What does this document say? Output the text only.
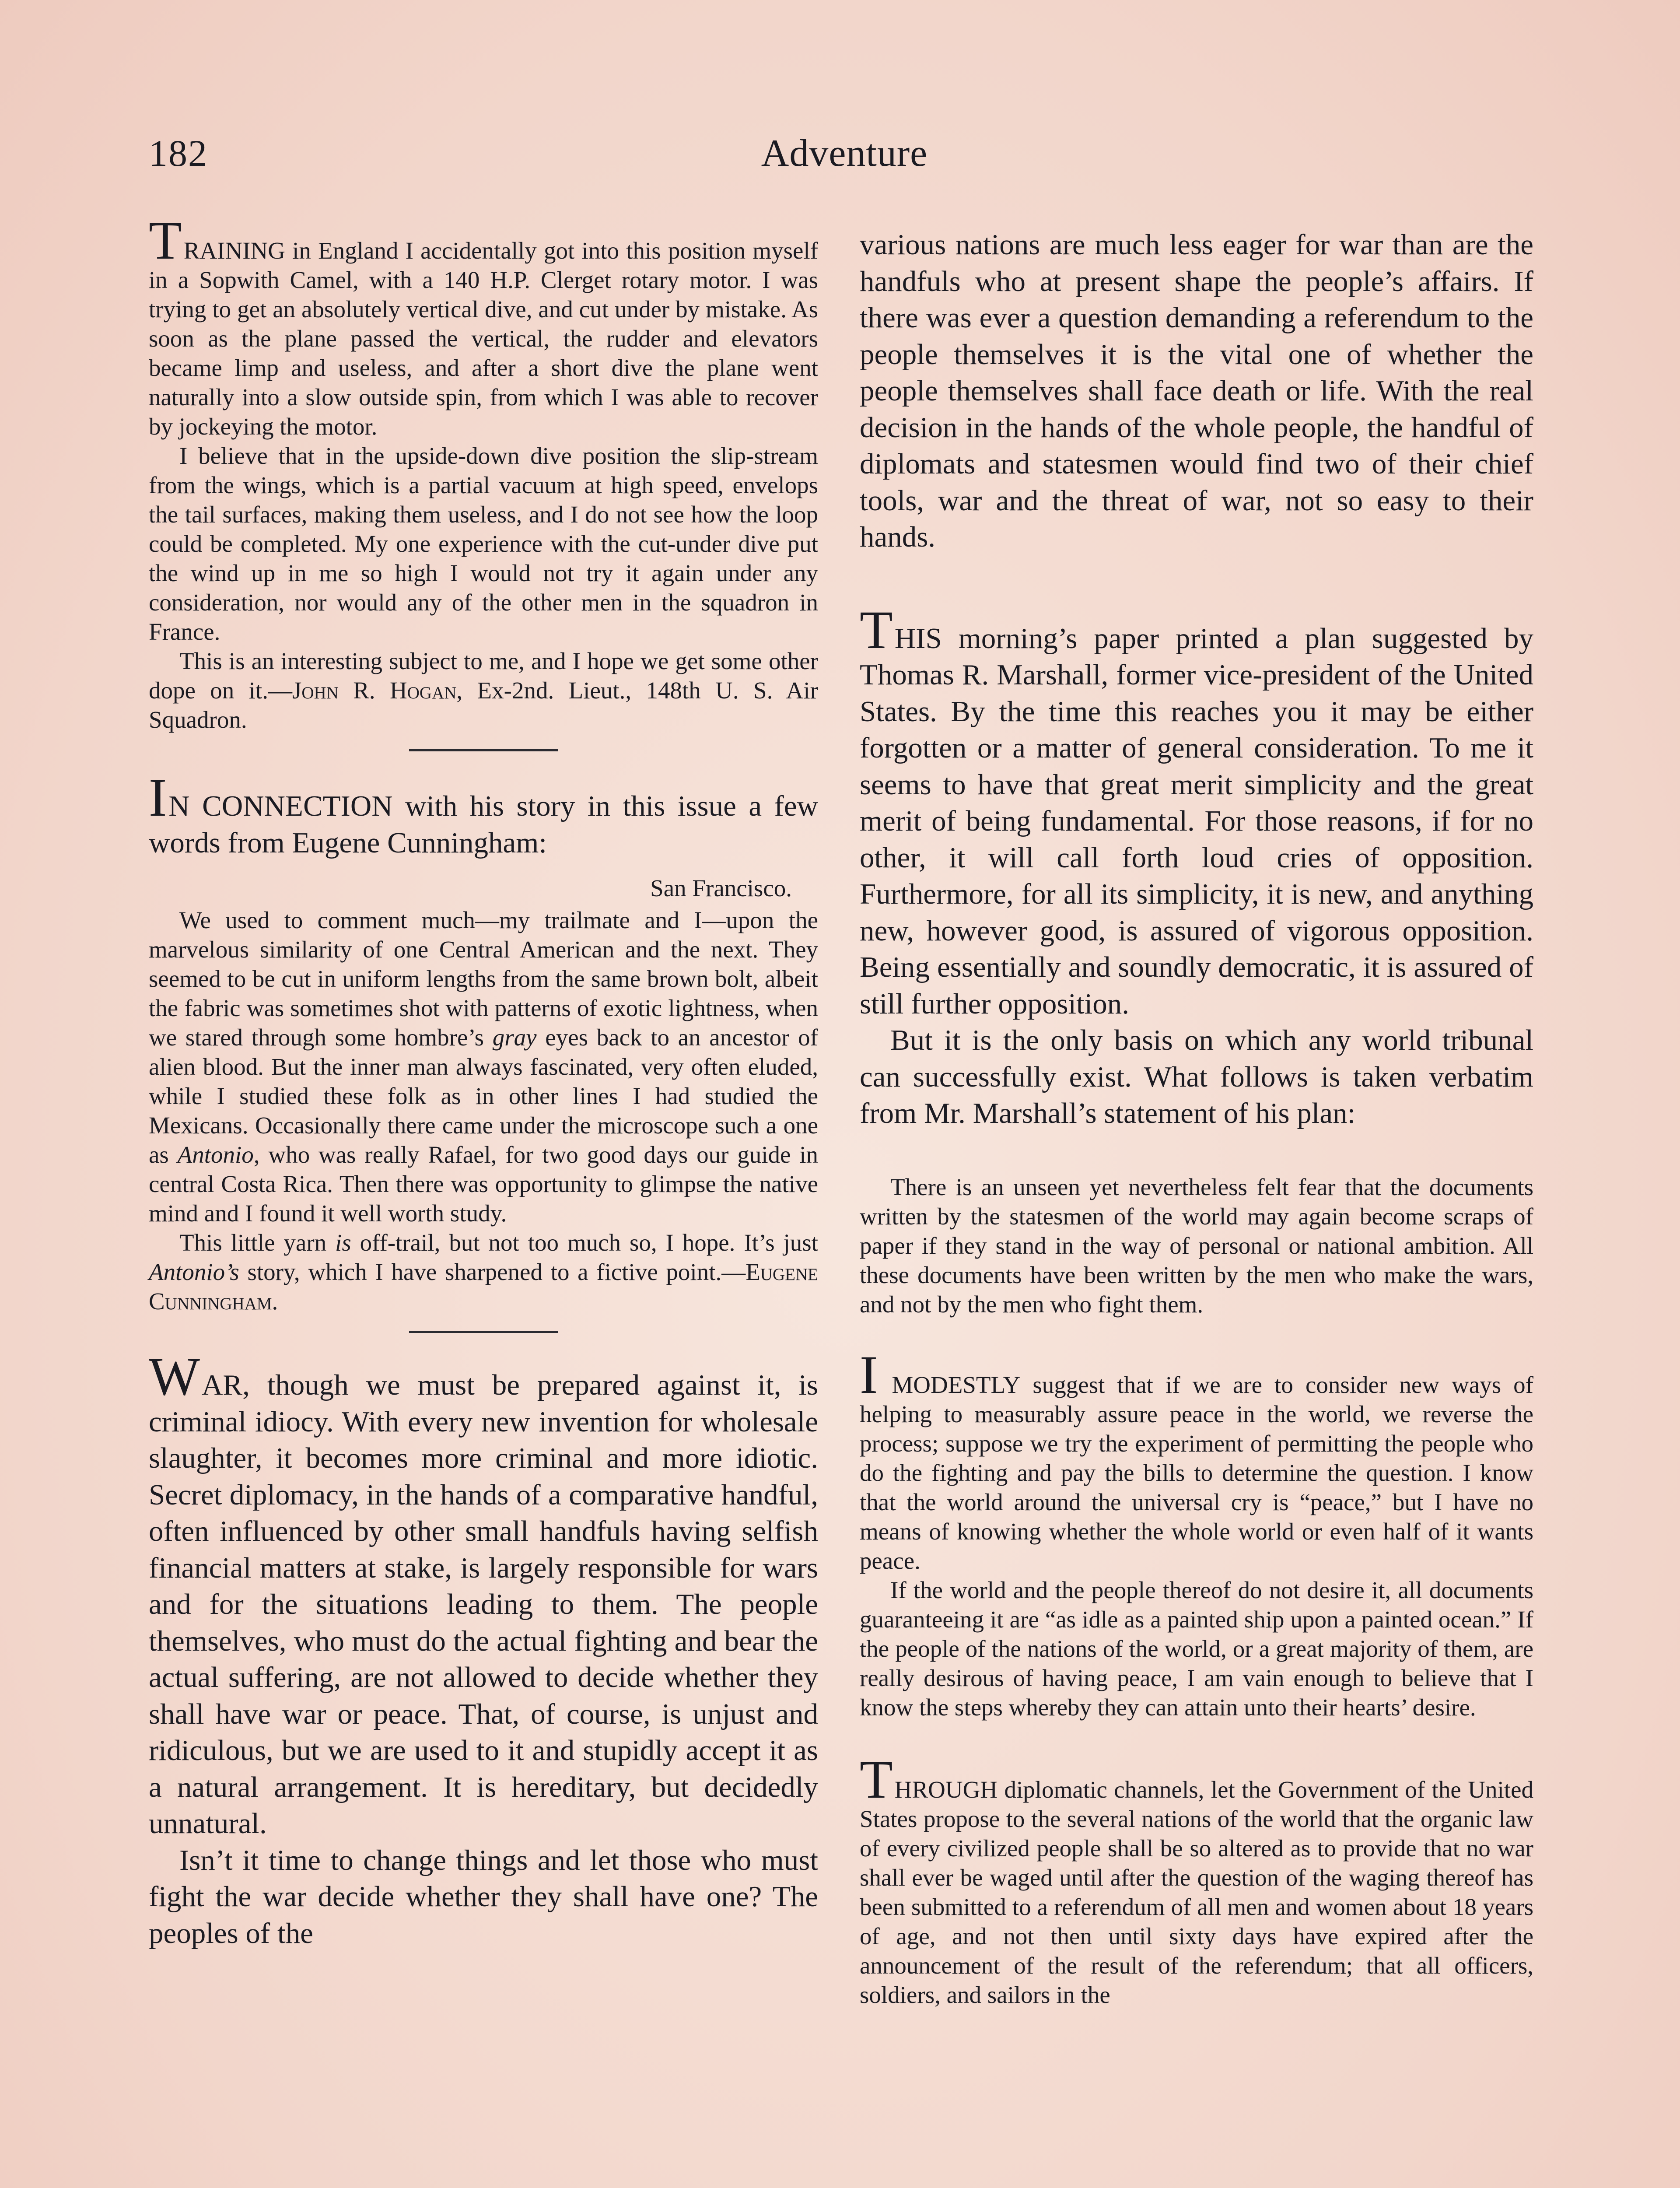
182	Adventure

TRAINING in England I accidentally got into this position myself in a Sopwith Camel, with a 140 H.P. Clerget rotary motor. I was trying to get an absolutely vertical dive, and cut under by mistake. As soon as the plane passed the vertical, the rudder and elevators became limp and useless, and after a short dive the plane went naturally into a slow outside spin, from which I was able to recover by jockeying the motor.

I believe that in the upside-down dive position the slip-stream from the wings, which is a partial vacuum at high speed, envelops the tail surfaces, making them useless, and I do not see how the loop could be completed. My one experience with the cut-under dive put the wind up in me so high I would not try it again under any consideration, nor would any of the other men in the squadron in France.

This is an interesting subject to me, and I hope we get some other dope on it.—John R. Hogan, Ex-2nd. Lieut., 148th U. S. Air Squadron.

IN CONNECTION with his story in this issue a few words from Eugene Cunningham:

San Francisco.

We used to comment much—my trailmate and I—upon the marvelous similarity of one Central American and the next. They seemed to be cut in uniform lengths from the same brown bolt, albeit the fabric was sometimes shot with patterns of exotic lightness, when we stared through some hombre’s gray eyes back to an ancestor of alien blood. But the inner man always fascinated, very often eluded, while I studied these folk as in other lines I had studied the Mexicans. Occasionally there came under the microscope such a one as Antonio, who was really Rafael, for two good days our guide in central Costa Rica. Then there was opportunity to glimpse the native mind and I found it well worth study.

This little yarn is off-trail, but not too much so, I hope. It’s just Antonio’s story, which I have sharpened to a fictive point.—Eugene Cunningham.

WAR, though we must be prepared against it, is criminal idiocy. With every new invention for wholesale slaughter, it becomes more criminal and more idiotic. Secret diplomacy, in the hands of a comparative handful, often influenced by other small handfuls having selfish financial matters at stake, is largely responsible for wars and for the situations leading to them. The people themselves, who must do the actual fighting and bear the actual suffering, are not allowed to decide whether they shall have war or peace. That, of course, is unjust and ridiculous, but we are used to it and stupidly accept it as a natural arrangement. It is hereditary, but decidedly unnatural.

Isn’t it time to change things and let those who must fight the war decide whether they shall have one? The peoples of the

various nations are much less eager for war than are the handfuls who at present shape the people’s affairs. If there was ever a question demanding a referendum to the people themselves it is the vital one of whether the people themselves shall face death or life. With the real decision in the hands of the whole people, the handful of diplomats and statesmen would find two of their chief tools, war and the threat of war, not so easy to their hands.

THIS morning’s paper printed a plan suggested by Thomas R. Marshall, former vice-president of the United States. By the time this reaches you it may be either forgotten or a matter of general consideration. To me it seems to have that great merit simplicity and the great merit of being fundamental. For those reasons, if for no other, it will call forth loud cries of opposition. Furthermore, for all its simplicity, it is new, and anything new, however good, is assured of vigorous opposition. Being essentially and soundly democratic, it is assured of still further opposition.

But it is the only basis on which any world tribunal can successfully exist. What follows is taken verbatim from Mr. Marshall’s statement of his plan:

There is an unseen yet nevertheless felt fear that the documents written by the statesmen of the world may again become scraps of paper if they stand in the way of personal or national ambition. All these documents have been written by the men who make the wars, and not by the men who fight them.

I MODESTLY suggest that if we are to consider new ways of helping to measurably assure peace in the world, we reverse the process; suppose we try the experiment of permitting the people who do the fighting and pay the bills to determine the question. I know that the world around the universal cry is “peace,” but I have no means of knowing whether the whole world or even half of it wants peace.

If the world and the people thereof do not desire it, all documents guaranteeing it are “as idle as a painted ship upon a painted ocean.” If the people of the nations of the world, or a great majority of them, are really desirous of having peace, I am vain enough to believe that I know the steps whereby they can attain unto their hearts’ desire.

THROUGH diplomatic channels, let the Government of the United States propose to the several nations of the world that the organic law of every civilized people shall be so altered as to provide that no war shall ever be waged until after the question of the waging thereof has been submitted to a referendum of all men and women about 18 years of age, and not then until sixty days have expired after the announcement of the result of the referendum; that all officers, soldiers, and sailors in the
